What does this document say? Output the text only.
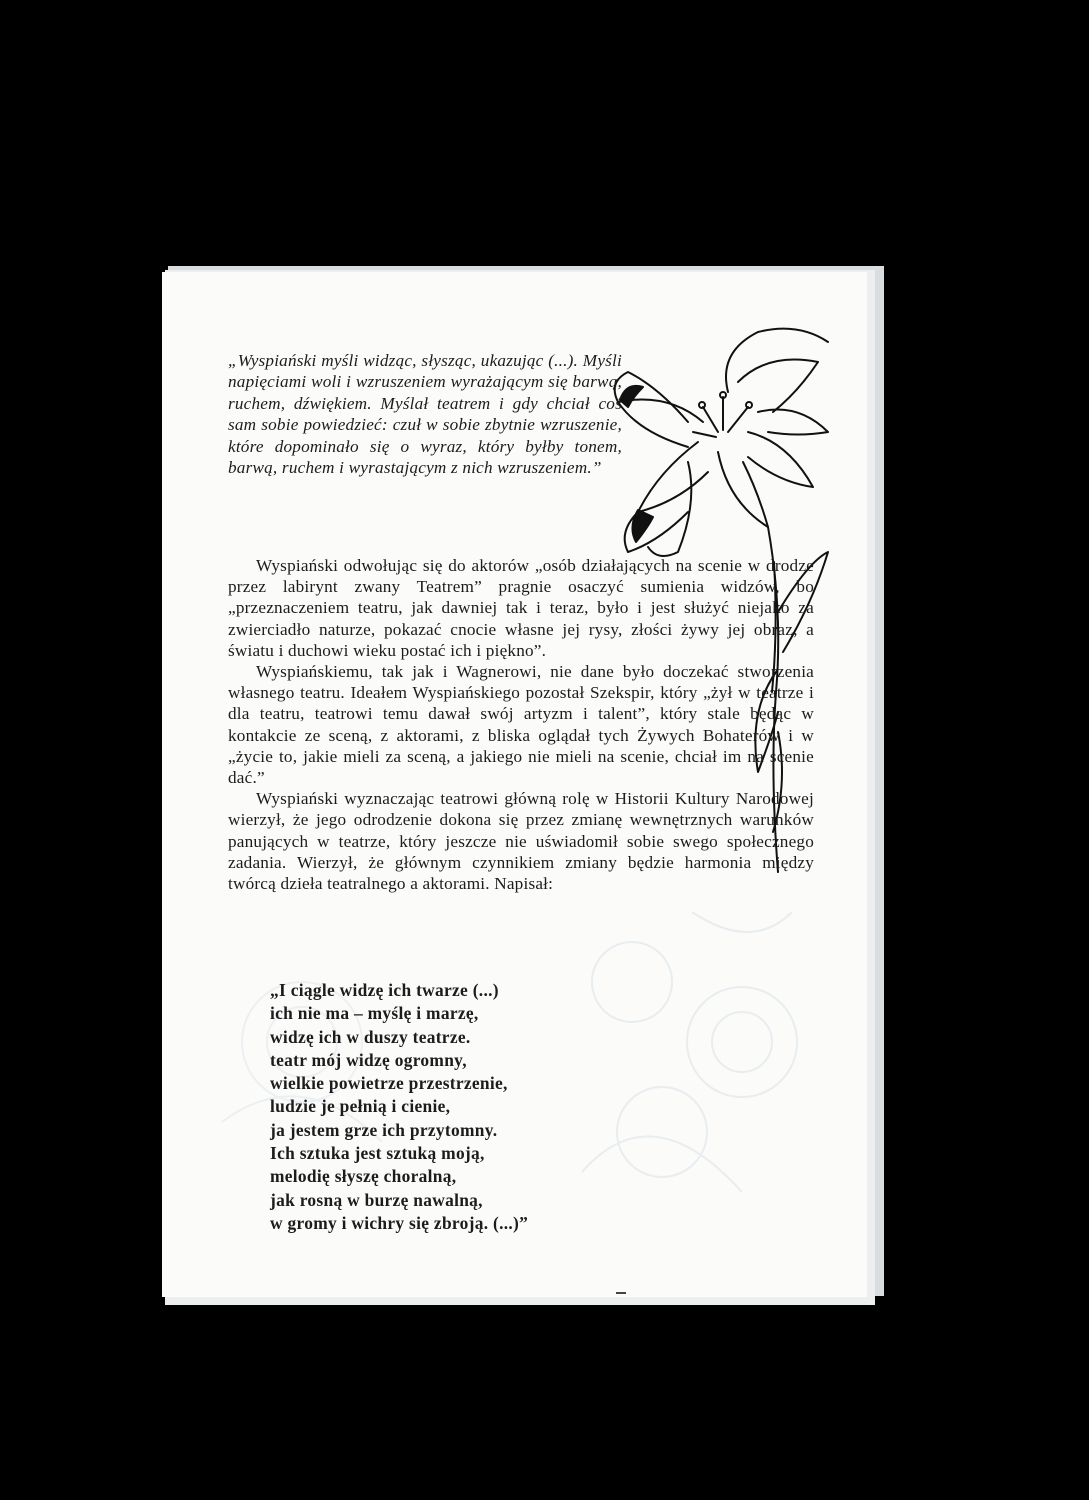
„Wyspiański myśli widząc, słysząc, ukazując (...). Myśli napięciami woli i wzruszeniem wyrażającym się barwą, ruchem, dźwiękiem. Myślał teatrem i gdy chciał coś sam sobie powiedzieć: czuł w sobie zbytnie wzruszenie, które dopominało się o wyraz, który byłby tonem, barwą, ruchem i wyrastającym z nich wzruszeniem.”

Wyspiański odwołując się do aktorów „osób działających na scenie w drodze przez labirynt zwany Teatrem” pragnie osaczyć sumienia widzów, bo „przeznaczeniem teatru, jak dawniej tak i teraz, było i jest służyć niejako za zwierciadło naturze, pokazać cnocie własne jej rysy, złości żywy jej obraz, a światu i duchowi wieku postać ich i piękno”.

Wyspiańskiemu, tak jak i Wagnerowi, nie dane było doczekać stworzenia własnego teatru. Ideałem Wyspiańskiego pozostał Szekspir, który „żył w teatrze i dla teatru, teatrowi temu dawał swój artyzm i talent”, który stale będąc w kontakcie ze sceną, z aktorami, z bliska oglądał tych Żywych Bohaterów i w „życie to, jakie mieli za sceną, a jakiego nie mieli na scenie, chciał im na scenie dać.”

Wyspiański wyznaczając teatrowi główną rolę w Historii Kultury Narodowej wierzył, że jego odrodzenie dokona się przez zmianę wewnętrznych warunków panujących w teatrze, który jeszcze nie uświadomił sobie swego społecznego zadania. Wierzył, że głównym czynnikiem zmiany będzie harmonia między twórcą dzieła teatralnego a aktorami. Napisał:

„I ciągle widzę ich twarze (...)
ich nie ma – myślę i marzę,
widzę ich w duszy teatrze.
teatr mój widzę ogromny,
wielkie powietrze przestrzenie,
ludzie je pełnią i cienie,
ja jestem grze ich przytomny.
Ich sztuka jest sztuką moją,
melodię słyszę choralną,
jak rosną w burzę nawalną,
w gromy i wichry się zbroją. (...)”
